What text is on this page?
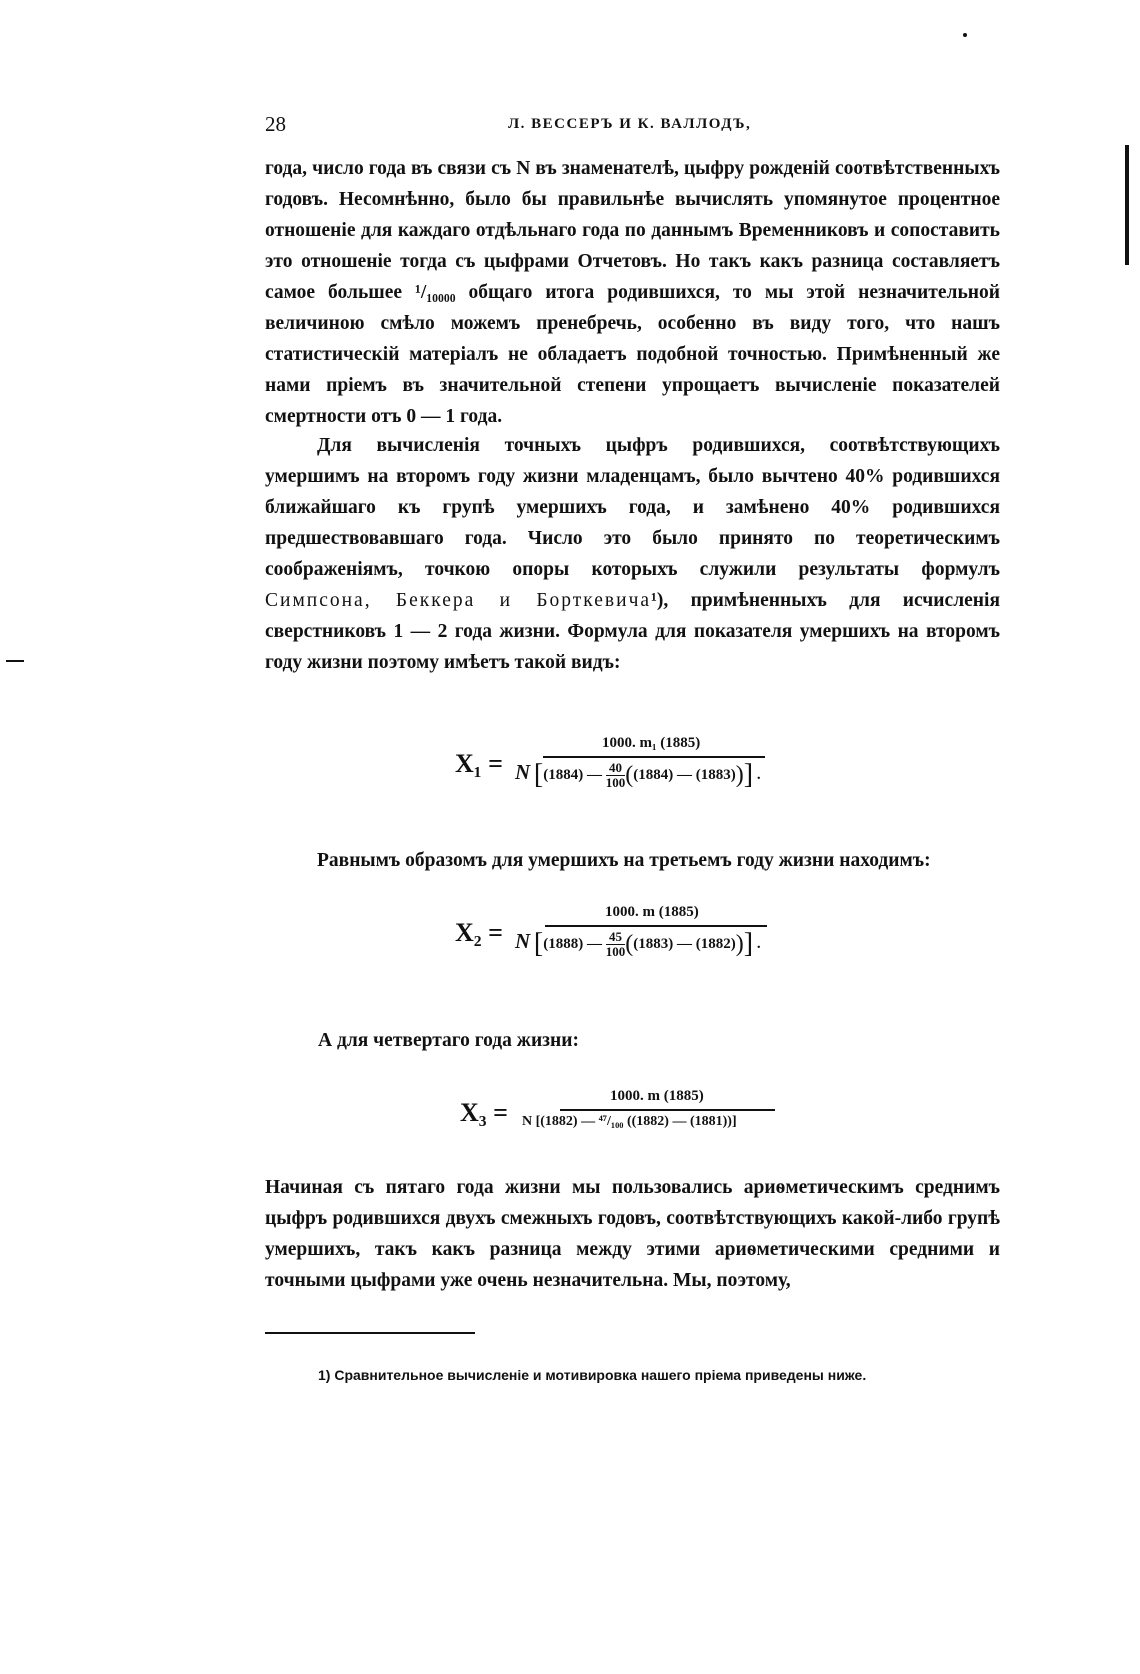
28	Л. ВЕССЕРЪ И К. ВАЛЛОДЪ,

года, число года въ связи съ N въ знаменателѣ, цыфру рожденій соотвѣтственныхъ годовъ. Несомнѣнно, было бы правильнѣе вычислять упомянутое процентное отношеніе для каждаго отдѣльнаго года по даннымъ Временниковъ и сопоставить это отношеніе тогда съ цыфрами Отчетовъ. Но такъ какъ разница составляетъ самое большее ¹/₁₀₀₀₀ общаго итога родившихся, то мы этой незначительной величиною смѣло можемъ пренебречь, особенно въ виду того, что нашъ статистическій матеріалъ не обладаетъ подобной точностью. Примѣненный же нами пріемъ въ значительной степени упрощаетъ вычисленіе показателей смертности отъ 0 — 1 года.

Для вычисленія точныхъ цыфръ родившихся, соотвѣтствующихъ умершимъ на второмъ году жизни младенцамъ, было вычтено 40% родившихся ближайшаго къ групѣ умершихъ года, и замѣнено 40% родившихся предшествовавшаго года. Число это было принято по теоретическимъ соображеніямъ, точкою опоры которыхъ служили результаты формулъ Симпсона, Беккера и Борткевича¹), примѣненныхъ для исчисленія сверстниковъ 1 — 2 года жизни. Формула для показателя умершихъ на второмъ году жизни поэтому имѣетъ такой видъ:

X₁ =
1000. m₁ (1885)
N [(1884) — $\frac{40}{100}((1884)$ — (1883))] .

Равнымъ образомъ для умершихъ на третьемъ году жизни находимъ:

X₂ =
1000. m (1885)
N [(1888) — $\frac{45}{100}((1883)$ — (1882))] .

А для четвертаго года жизни:

X₃ =
1000. m (1885)
N [(1882) — ⁴⁷/₁₀₀ ((1882) — (1881))]

Начиная съ пятаго года жизни мы пользовались ариѳметическимъ среднимъ цыфръ родившихся двухъ смежныхъ годовъ, соотвѣтствующихъ какой-либо групѣ умершихъ, такъ какъ разница между этими ариѳметическими средними и точными цыфрами уже очень незначительна. Мы, поэтому,

1) Сравнительное вычисленіе и мотивировка нашего пріема приведены ниже.
